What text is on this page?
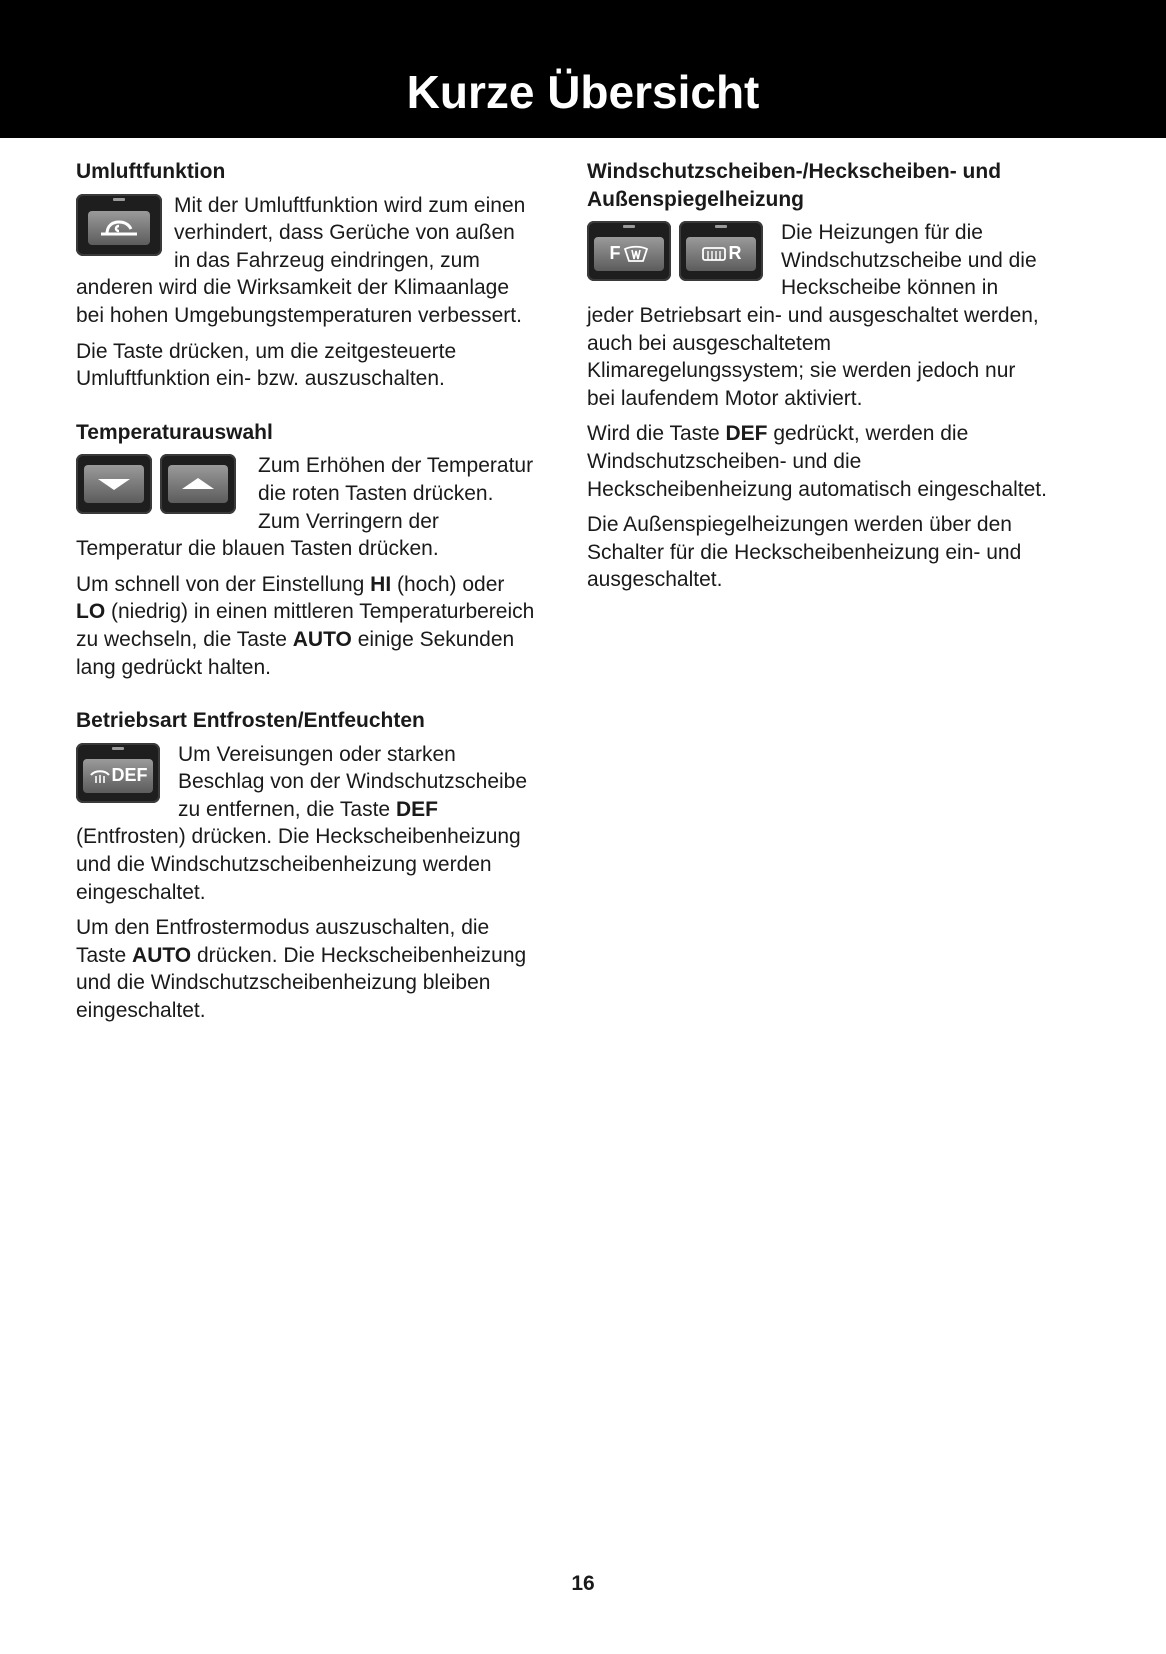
Kurze Übersicht
Umluftfunktion

Mit der Umluftfunktion wird zum einen verhindert, dass Gerüche von außen in das Fahrzeug eindringen, zum anderen wird die Wirksamkeit der Klimaanlage bei hohen Umgebungstemperaturen verbessert.

Die Taste drücken, um die zeitgesteuerte Umluftfunktion ein- bzw. auszuschalten.

Temperaturauswahl

Zum Erhöhen der Temperatur die roten Tasten drücken. Zum Verringern der Temperatur die blauen Tasten drücken.

Um schnell von der Einstellung HI (hoch) oder LO (niedrig) in einen mittleren Temperaturbereich zu wechseln, die Taste AUTO einige Sekunden lang gedrückt halten.

Betriebsart Entfrosten/Entfeuchten
DEF

Um Vereisungen oder starken Beschlag von der Windschutzscheibe zu entfernen, die Taste DEF (Entfrosten) drücken. Die Heckscheibenheizung und die Windschutzscheibenheizung werden eingeschaltet.

Um den Entfrostermodus auszuschalten, die Taste AUTO drücken. Die Heckscheibenheizung und die Windschutzscheibenheizung bleiben eingeschaltet.

Windschutzscheiben-/Heckscheiben- und Außenspiegelheizung
F	R

Die Heizungen für die Windschutzscheibe und die Heckscheibe können in jeder Betriebsart ein- und ausgeschaltet werden, auch bei ausgeschaltetem Klimaregelungssystem; sie werden jedoch nur bei laufendem Motor aktiviert.

Wird die Taste DEF gedrückt, werden die Windschutzscheiben- und die Heckscheibenheizung automatisch eingeschaltet.

Die Außenspiegelheizungen werden über den Schalter für die Heckscheibenheizung ein- und ausgeschaltet.

16
